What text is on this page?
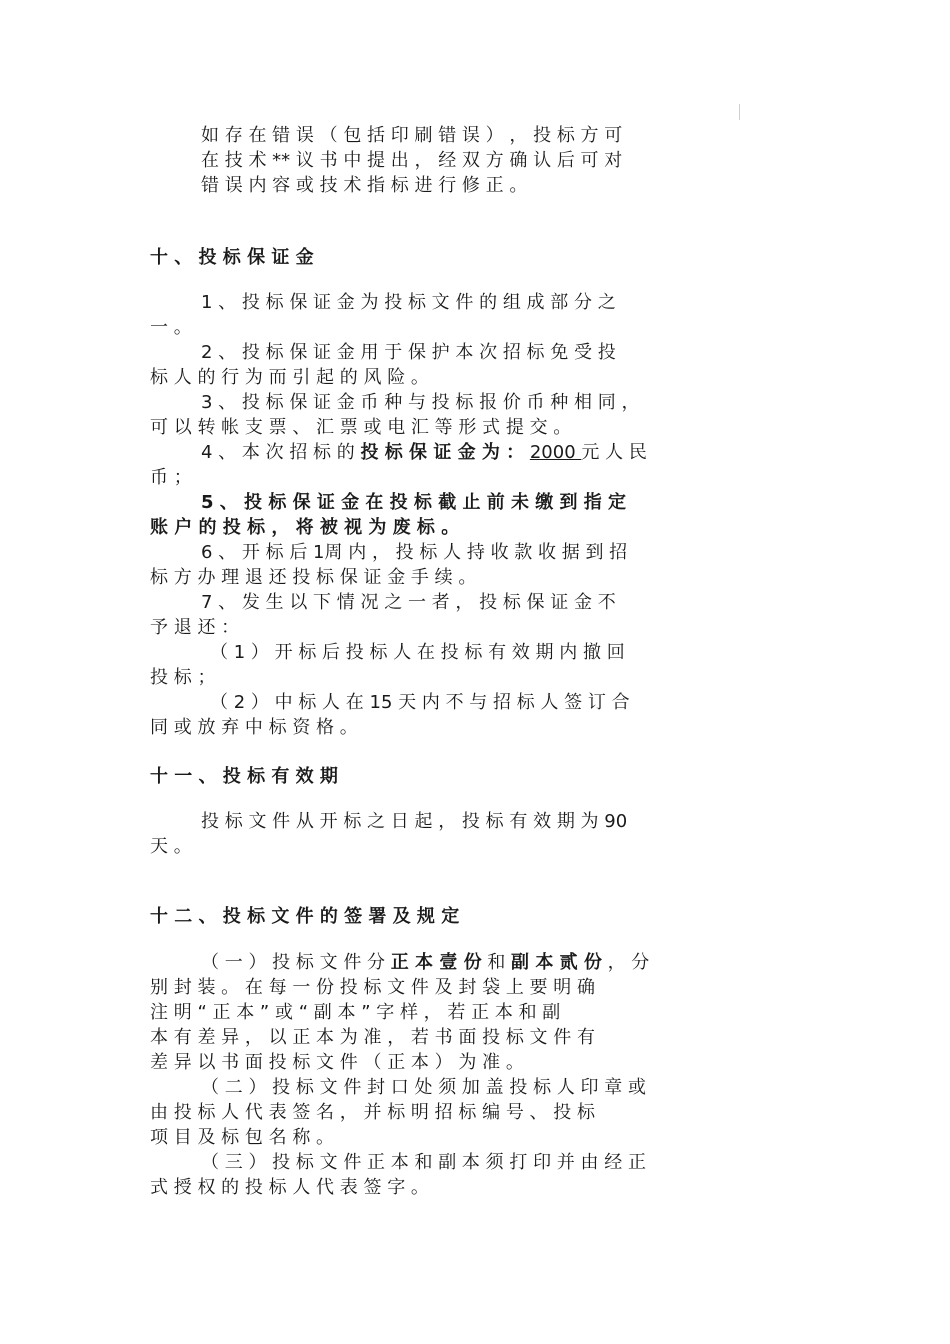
如 存 在 错 误 （ 包 括 印 刷 错 误 ） ， 投 标 方 可
在 技 术 ** 议 书 中 提 出 ， 经 双 方 确 认 后 可 对
错 误 内 容 或 技 术 指 标 进 行 修 正 。
十 、 投 标 保 证 金
1 、 投 标 保 证 金 为 投 标 文 件 的 组 成 部 分 之
一 。
2 、 投 标 保 证 金 用 于 保 护 本 次 招 标 免 受 投
标 人 的 行 为 而 引 起 的 风 险 。
3 、 投 标 保 证 金 币 种 与 投 标 报 价 币 种 相 同 ，
可 以 转 帐 支 票 、 汇 票 或 电 汇 等 形 式 提 交 。
4 、 本 次 招 标 的 投 标 保 证 金 为 ： 2000 元 人 民
币 ；
5 、 投 标 保 证 金 在 投 标 截 止 前 未 缴 到 指 定
账 户 的 投 标 ， 将 被 视 为 废 标 。
6 、 开 标 后 1周 内 ， 投 标 人 持 收 款 收 据 到 招
标 方 办 理 退 还 投 标 保 证 金 手 续 。
7 、 发 生 以 下 情 况 之 一 者 ， 投 标 保 证 金 不
予 退 还 ：
（ 1 ） 开 标 后 投 标 人 在 投 标 有 效 期 内 撤 回
投 标 ；
（ 2 ） 中 标 人 在 15 天 内 不 与 招 标 人 签 订 合
同 或 放 弃 中 标 资 格 。
十 一 、 投 标 有 效 期
投 标 文 件 从 开 标 之 日 起 ， 投 标 有 效 期 为 90
天 。
十 二 、 投 标 文 件 的 签 署 及 规 定
（ 一 ） 投 标 文 件 分 正 本 壹 份 和 副 本 贰 份 ， 分
别 封 装 。 在 每 一 份 投 标 文 件 及 封 袋 上 要 明 确
注 明 “ 正 本 ” 或 “ 副 本 ” 字 样 ， 若 正 本 和 副
本 有 差 异 ， 以 正 本 为 准 ， 若 书 面 投 标 文 件 有
差 异 以 书 面 投 标 文 件 （ 正 本 ） 为 准 。
（ 二 ） 投 标 文 件 封 口 处 须 加 盖 投 标 人 印 章 或
由 投 标 人 代 表 签 名 ， 并 标 明 招 标 编 号 、 投 标
项 目 及 标 包 名 称 。
（ 三 ） 投 标 文 件 正 本 和 副 本 须 打 印 并 由 经 正
式 授 权 的 投 标 人 代 表 签 字 。
